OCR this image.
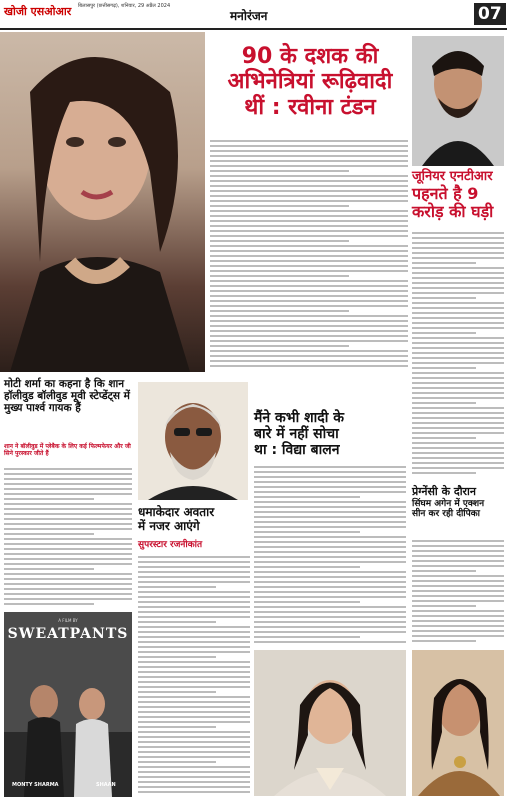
खोजी एसओआर बिलासपुर (छत्तीसगढ़), शनिवार, 29 अप्रैल 2024
मनोरंजन	07
90 के दशक की
अभिनेत्रियां रूढ़िवादी
थीं : रवीना टंडन
जूनियर एनटीआर
पहनते है 9
करोड़ की घड़ी
मोटी शर्मा का कहना है कि शान हॉलीवुड बॉलीवुड मूवी स्टेप्डेंट्स में मुख्य पार्श्व गायक हैं
शान ने बॉलीवुड में प्लेबैक के लिए कई फिल्मफेयर और जी सिने पुरस्कार जीते हैं
A FILM BY
SWEATPANTS
MONTY SHARMA	SHAAN
धमाकेदार अवतार
में नजर आएंगे
सुपरस्टार रजनीकांत
मैंने कभी शादी के
बारे में नहीं सोचा
था : विद्या बालन
प्रेग्नेंसी के दौरान
सिंघम अगेन में एक्शन
सीन कर रही दीपिका
